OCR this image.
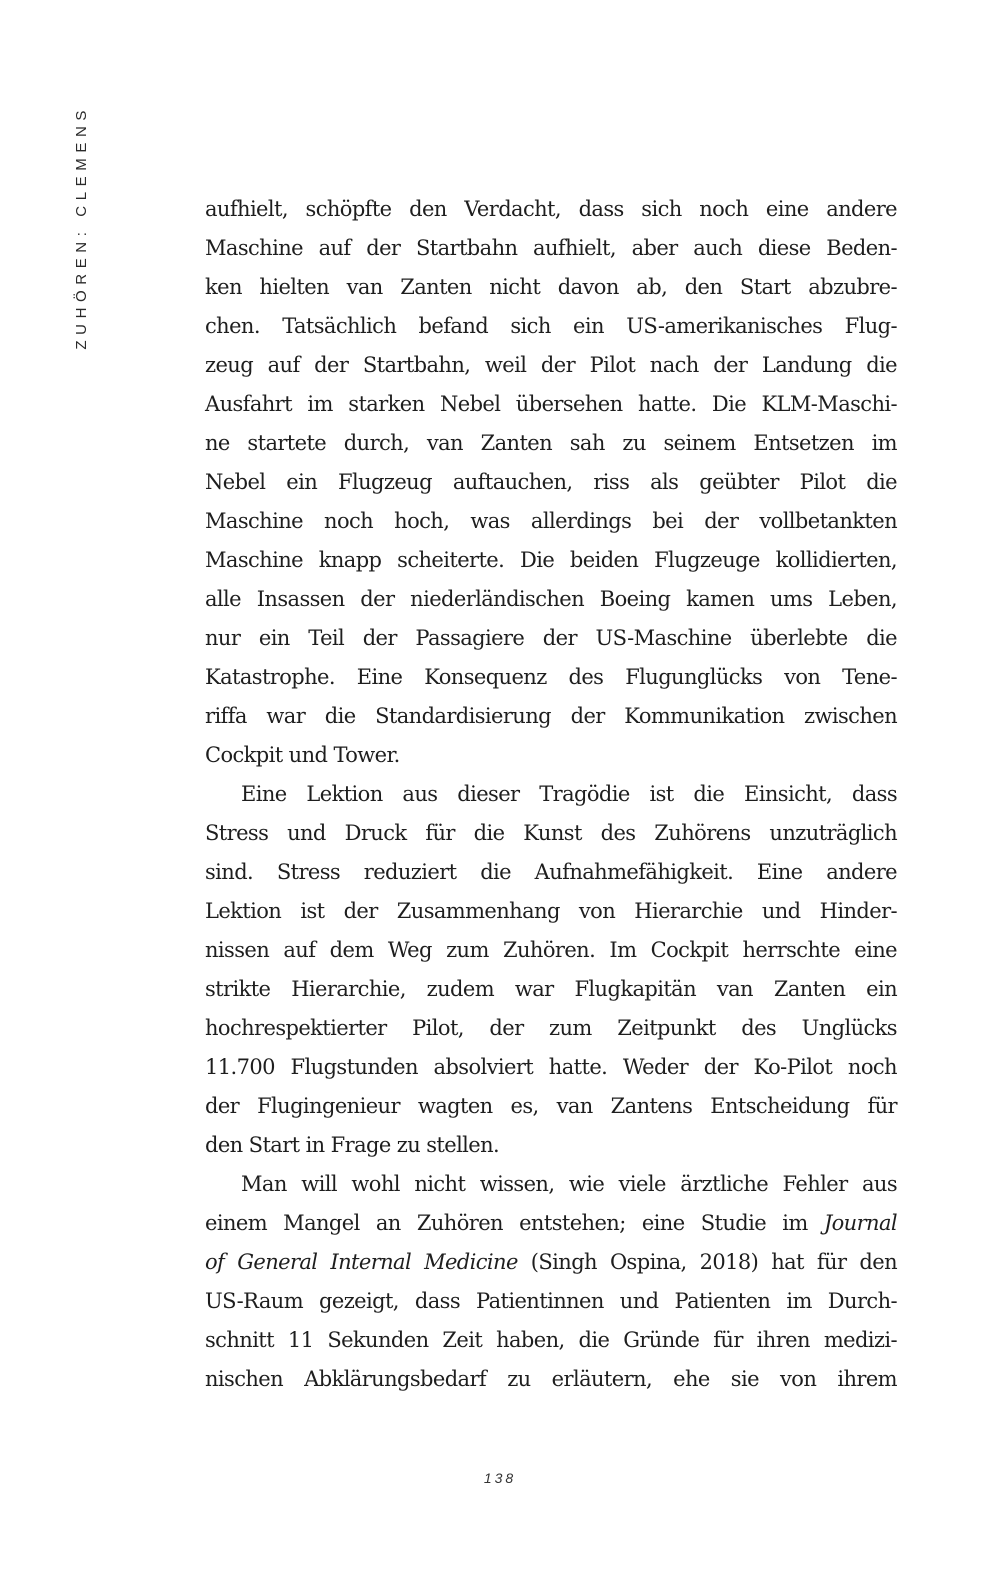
ZUHÖREN: CLEMENS	aufhielt, schöpfte den Verdacht, dass sich noch eine andere
Maschine auf der Startbahn aufhielt, aber auch diese Beden-
ken hielten van Zanten nicht davon ab, den Start abzubre-
chen. Tatsächlich befand sich ein US-amerikanisches Flug-
zeug auf der Startbahn, weil der Pilot nach der Landung die
Ausfahrt im starken Nebel übersehen hatte. Die KLM-Maschi-
ne startete durch, van Zanten sah zu seinem Entsetzen im
Nebel ein Flugzeug auftauchen, riss als geübter Pilot die
Maschine noch hoch, was allerdings bei der vollbetankten
Maschine knapp scheiterte. Die beiden Flugzeuge kollidierten,
alle Insassen der niederländischen Boeing kamen ums Leben,
nur ein Teil der Passagiere der US-Maschine überlebte die
Katastrophe. Eine Konsequenz des Flugunglücks von Tene-
riffa war die Standardisierung der Kommunikation zwischen
Cockpit und Tower.
Eine Lektion aus dieser Tragödie ist die Einsicht, dass
Stress und Druck für die Kunst des Zuhörens unzuträglich
sind. Stress reduziert die Aufnahmefähigkeit. Eine andere
Lektion ist der Zusammenhang von Hierarchie und Hinder-
nissen auf dem Weg zum Zuhören. Im Cockpit herrschte eine
strikte Hierarchie, zudem war Flugkapitän van Zanten ein
hochrespektierter Pilot, der zum Zeitpunkt des Unglücks
11.700 Flugstunden absolviert hatte. Weder der Ko-Pilot noch
der Flugingenieur wagten es, van Zantens Entscheidung für
den Start in Frage zu stellen.
Man will wohl nicht wissen, wie viele ärztliche Fehler aus
einem Mangel an Zuhören entstehen; eine Studie im Journal
of General Internal Medicine (Singh Ospina, 2018) hat für den
US-Raum gezeigt, dass Patientinnen und Patienten im Durch-
schnitt 11 Sekunden Zeit haben, die Gründe für ihren medizi-
nischen Abklärungsbedarf zu erläutern, ehe sie von ihrem
138
